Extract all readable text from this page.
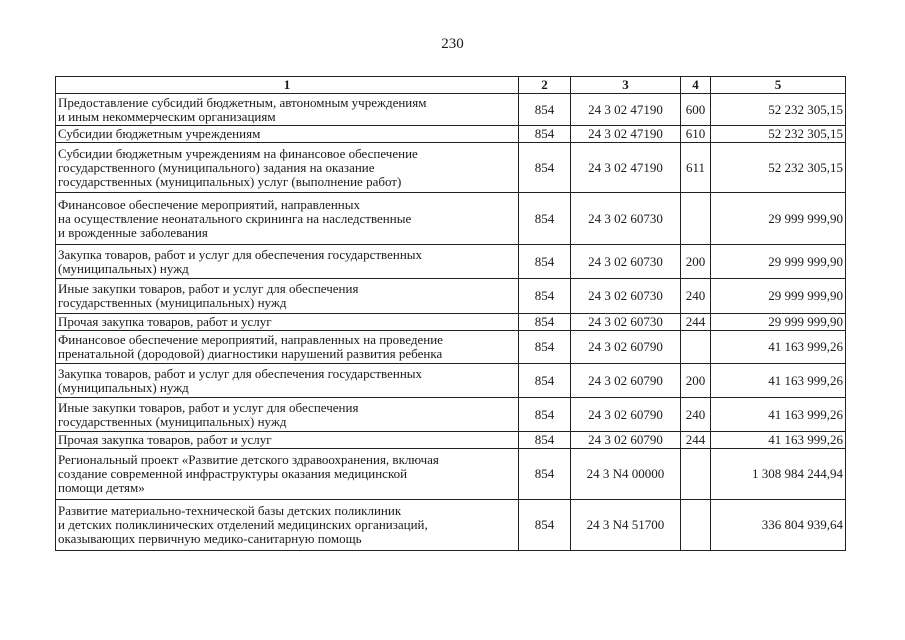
230
1	2	3	4	5
Предоставление субсидий бюджетным, автономным учреждениям
и иным некоммерческим организациям	854	24 3 02 47190	600	52 232 305,15
Субсидии бюджетным учреждениям	854	24 3 02 47190	610	52 232 305,15
Субсидии бюджетным учреждениям на финансовое обеспечение
государственного (муниципального) задания на оказание
государственных (муниципальных) услуг (выполнение работ)	854	24 3 02 47190	611	52 232 305,15
Финансовое обеспечение мероприятий, направленных
на осуществление неонатального скрининга на наследственные
и врожденные заболевания	854	24 3 02 60730		29 999 999,90
Закупка товаров, работ и услуг для обеспечения государственных
(муниципальных) нужд	854	24 3 02 60730	200	29 999 999,90
Иные закупки товаров, работ и услуг для обеспечения
государственных (муниципальных) нужд	854	24 3 02 60730	240	29 999 999,90
Прочая закупка товаров, работ и услуг	854	24 3 02 60730	244	29 999 999,90
Финансовое обеспечение мероприятий, направленных на проведение
пренатальной (дородовой) диагностики нарушений развития ребенка	854	24 3 02 60790		41 163 999,26
Закупка товаров, работ и услуг для обеспечения государственных
(муниципальных) нужд	854	24 3 02 60790	200	41 163 999,26
Иные закупки товаров, работ и услуг для обеспечения
государственных (муниципальных) нужд	854	24 3 02 60790	240	41 163 999,26
Прочая закупка товаров, работ и услуг	854	24 3 02 60790	244	41 163 999,26
Региональный проект «Развитие детского здравоохранения, включая
создание современной инфраструктуры оказания медицинской
помощи детям»	854	24 3 N4 00000		1 308 984 244,94
Развитие материально-технической базы детских поликлиник
и детских поликлинических отделений медицинских организаций,
оказывающих первичную медико-санитарную помощь	854	24 3 N4 51700		336 804 939,64
